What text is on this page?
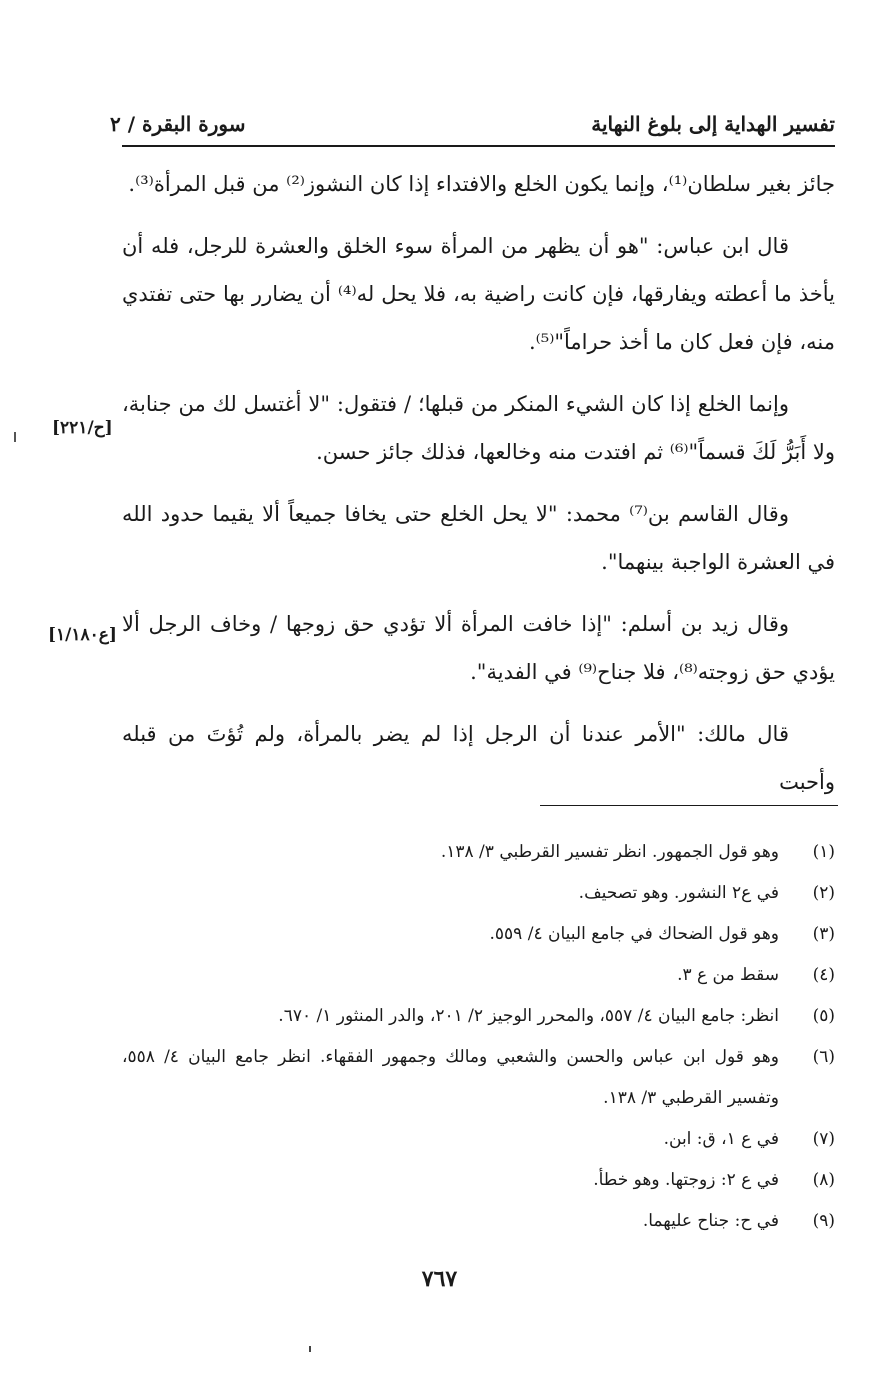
تفسير الهداية إلى بلوغ النهاية
سورة البقرة / ٢

جائز بغير سلطان⁽¹⁾، وإنما يكون الخلع والافتداء إذا كان النشوز⁽²⁾ من قبل المرأة⁽³⁾.

قال ابن عباس: "هو أن يظهر من المرأة سوء الخلق والعشرة للرجل، فله أن يأخذ ما أعطته ويفارقها، فإن كانت راضية به، فلا يحل له⁽⁴⁾ أن يضارر بها حتى تفتدي منه، فإن فعل كان ما أخذ حراماً"⁽⁵⁾.

وإنما الخلع إذا كان الشيء المنكر من قبلها؛ / فتقول: "لا أغتسل لك من جنابة، ولا أَبَرُّ لَكَ قسماً"⁽⁶⁾ ثم افتدت منه وخالعها، فذلك جائز حسن.

وقال القاسم بن⁽⁷⁾ محمد: "لا يحل الخلع حتى يخافا جميعاً ألا يقيما حدود الله في العشرة الواجبة بينهما".

وقال زيد بن أسلم: "إذا خافت المرأة ألا تؤدي حق زوجها / وخاف الرجل ألا يؤدي حق زوجته⁽⁸⁾، فلا جناح⁽⁹⁾ في الفدية".

قال مالك: "الأمر عندنا أن الرجل إذا لم يضر بالمرأة، ولم تُؤتَ من قبله وأحبت

[ح/٢٢١]
[ع١/١٨٠]
(١)
وهو قول الجمهور. انظر تفسير القرطبي ٣/ ١٣٨.
(٢)
في ع٢ النشور. وهو تصحيف.
(٣)
وهو قول الضحاك في جامع البيان ٤/ ٥٥٩.
(٤)
سقط من ع ٣.
(٥)
انظر: جامع البيان ٤/ ٥٥٧، والمحرر الوجيز ٢/ ٢٠١، والدر المنثور ١/ ٦٧٠.
(٦)
وهو قول ابن عباس والحسن والشعبي ومالك وجمهور الفقهاء. انظر جامع البيان ٤/ ٥٥٨، وتفسير القرطبي ٣/ ١٣٨.
(٧)
في ع ١، ق: ابن.
(٨)
في ع ٢: زوجتها. وهو خطأ.
(٩)
في ح: جناح عليهما.
٧٦٧
